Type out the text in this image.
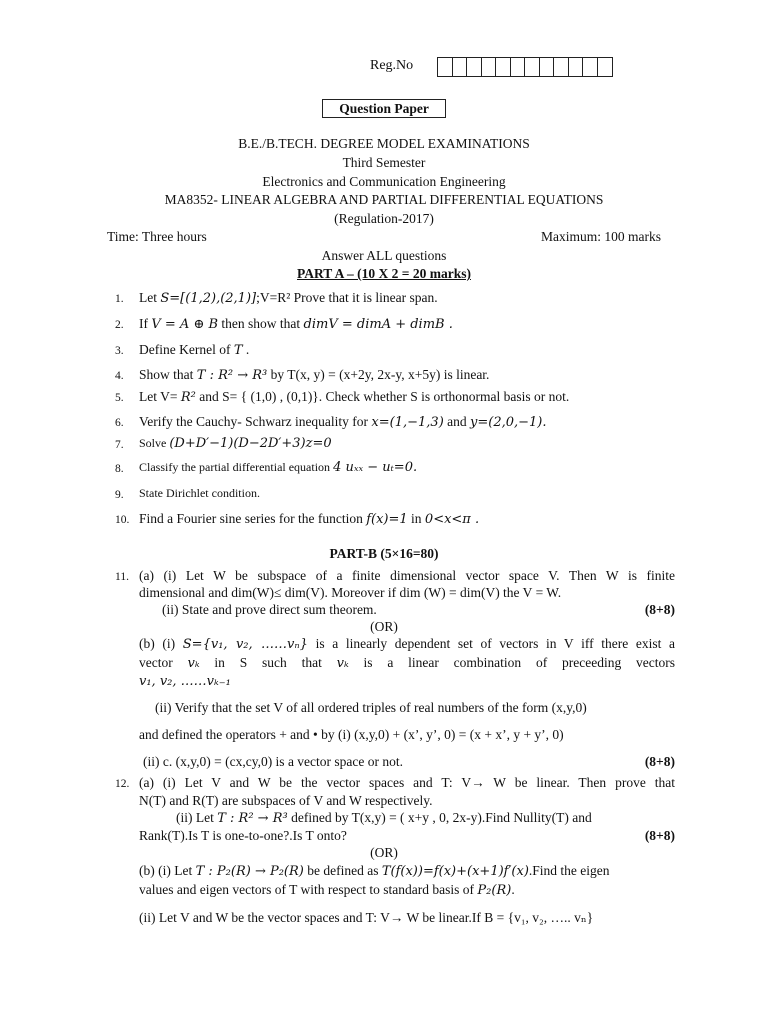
Reg.No
Question Paper
B.E./B.TECH. DEGREE MODEL EXAMINATIONS
Third Semester
Electronics and Communication Engineering
MA8352- LINEAR ALGEBRA AND PARTIAL DIFFERENTIAL EQUATIONS
(Regulation-2017)
Time: Three hours	Maximum: 100 marks
Answer ALL questions
PART A – (10 X 2 = 20 marks)
1. Let S=[(1,2),(2,1)];V=R² Prove that it is linear span.
2. If V = A ⊕ B then show that dimV = dimA + dimB .
3. Define Kernel of T .
4. Show that T : R² → R³ by T(x, y) = (x+2y, 2x-y, x+5y) is linear.
5. Let V= R² and S= { (1,0) , (0,1)}. Check whether S is orthonormal basis or not.
6. Verify the Cauchy- Schwarz inequality for x=(1,−1,3) and y=(2,0,−1).
7. Solve (D+D′−1)(D−2D′+3)z=0
8. Classify the partial differential equation 4 uₓₓ − uₜ=0.
9. State Dirichlet condition.
10. Find a Fourier sine series for the function f(x)=1 in 0<x<π .
PART-B (5×16=80)
11. (a) (i) Let W be subspace of a finite dimensional vector space V. Then W is finite
dimensional and dim(W)≤ dim(V). Moreover if dim (W) = dim(V) the V = W.
(ii) State and prove direct sum theorem.	(8+8)
(OR)
(b) (i) S={v₁, v₂, ……vₙ} is a linearly dependent set of vectors in V iff there exist a
vector vₖ in S such that vₖ is a linear combination of preceeding vectors
v₁, v₂, ……vₖ₋₁
(ii) Verify that the set V of all ordered triples of real numbers of the form (x,y,0)
and defined the operators + and • by (i) (x,y,0) + (x’, y’, 0) = (x + x’, y + y’, 0)
(ii) c. (x,y,0) = (cx,cy,0) is a vector space or not.	(8+8)
12. (a) (i) Let V and W be the vector spaces and T: V→ W be linear. Then prove that
N(T) and R(T) are subspaces of V and W respectively.
(ii) Let T : R² → R³ defined by T(x,y) = ( x+y , 0, 2x-y).Find Nullity(T) and
Rank(T).Is T is one-to-one?.Is T onto?	(8+8)
(OR)
(b) (i) Let T : P₂(R) → P₂(R) be defined as T(f(x))=f(x)+(x+1)f′(x).Find the eigen
values and eigen vectors of T with respect to standard basis of P₂(R).
(ii) Let V and W be the vector spaces and T: V→ W be linear.If B = {v₁, v₂, ….. vₙ}
